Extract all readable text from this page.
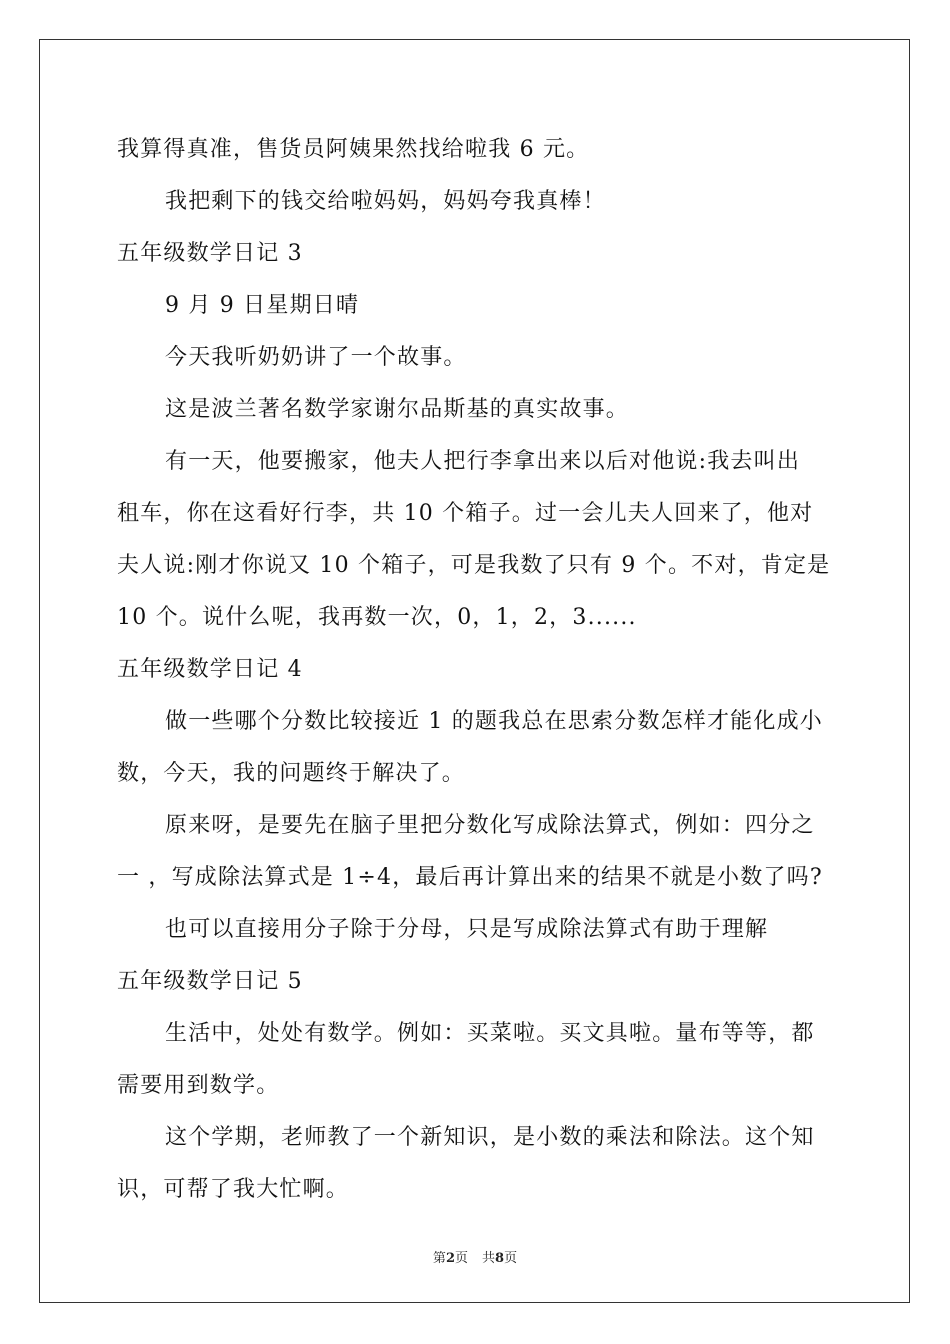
我算得真准，售货员阿姨果然找给啦我 6 元。
我把剩下的钱交给啦妈妈，妈妈夸我真棒！
五年级数学日记 3
9 月 9 日星期日晴
今天我听奶奶讲了一个故事。
这是波兰著名数学家谢尔品斯基的真实故事。
有一天，他要搬家，他夫人把行李拿出来以后对他说:我去叫出
租车，你在这看好行李，共 10 个箱子。过一会儿夫人回来了，他对
夫人说:刚才你说又 10 个箱子，可是我数了只有 9 个。不对，肯定是
10 个。说什么呢，我再数一次，0，1，2，3......
五年级数学日记 4
做一些哪个分数比较接近 1 的题我总在思索分数怎样才能化成小
数，今天，我的问题终于解决了。
原来呀，是要先在脑子里把分数化写成除法算式，例如：四分之
一 ，写成除法算式是 1÷4，最后再计算出来的结果不就是小数了吗?
也可以直接用分子除于分母，只是写成除法算式有助于理解
五年级数学日记 5
生活中，处处有数学。例如：买菜啦。买文具啦。量布等等，都
需要用到数学。
这个学期，老师教了一个新知识，是小数的乘法和除法。这个知
识，可帮了我大忙啊。
第2页 共8页
